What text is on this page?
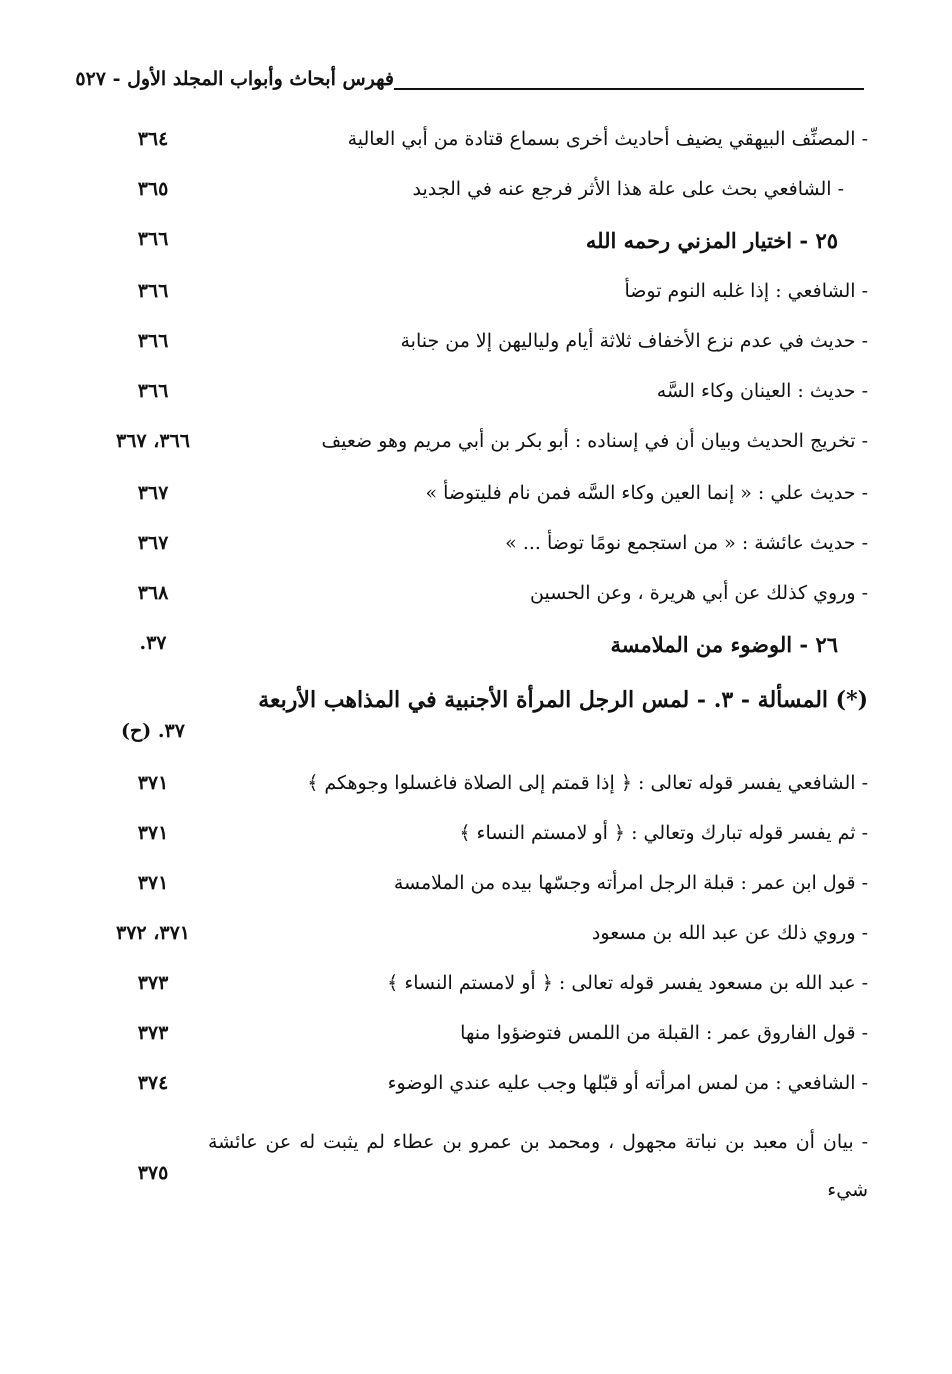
فهرس أبحاث وأبواب المجلد الأول - ٥٢٧
- المصنِّف البيهقي يضيف أحاديث أخرى بسماع قتادة من أبي العالية
٣٦٤
- الشافعي بحث على علة هذا الأثر فرجع عنه في الجديد
٣٦٥
٢٥ - اختيار المزني رحمه الله
٣٦٦
- الشافعي : إذا غلبه النوم توضأ
٣٦٦
- حديث في عدم نزع الأخفاف ثلاثة أيام ولياليهن إلا من جنابة
٣٦٦
- حديث : العينان وكاء السَّه
٣٦٦
- تخريج الحديث وبيان أن في إسناده : أبو بكر بن أبي مريم وهو ضعيف
٣٦٦، ٣٦٧
- حديث علي : « إنما العين وكاء السَّه فمن نام فليتوضأ »
٣٦٧
- حديث عائشة : « من استجمع نومًا توضأ ... »
٣٦٧
- وروي كذلك عن أبي هريرة ، وعن الحسين
٣٦٨
٢٦ - الوضوء من الملامسة
٣٧.
(*) المسألة - ٣. - لمس الرجل المرأة الأجنبية في المذاهب الأربعة
٣٧. (ح)
- الشافعي يفسر قوله تعالى : ﴿ إذا قمتم إلى الصلاة فاغسلوا وجوهكم ﴾
٣٧١
- ثم يفسر قوله تبارك وتعالي : ﴿ أو لامستم النساء ﴾
٣٧١
- قول ابن عمر : قبلة الرجل امرأته وجسّها بيده من الملامسة
٣٧١
- وروي ذلك عن عبد الله بن مسعود
٣٧١، ٣٧٢
- عبد الله بن مسعود يفسر قوله تعالى : ﴿ أو لامستم النساء ﴾
٣٧٣
- قول الفاروق عمر : القبلة من اللمس فتوضؤوا منها
٣٧٣
- الشافعي : من لمس امرأته أو قبّلها وجب عليه عندي الوضوء
٣٧٤
- بيان أن معبد بن نباتة مجهول ، ومحمد بن عمرو بن عطاء لم يثبت له عن عائشة شيء
٣٧٥
